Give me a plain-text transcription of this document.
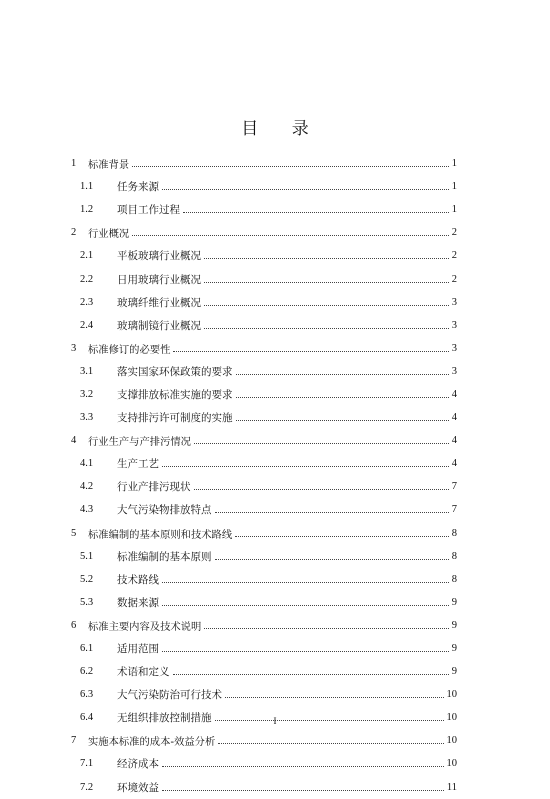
目 录
1	标准背景	1
1.1	任务来源	1
1.2	项目工作过程	1
2	行业概况	2
2.1	平板玻璃行业概况	2
2.2	日用玻璃行业概况	2
2.3	玻璃纤维行业概况	3
2.4	玻璃制镜行业概况	3
3	标准修订的必要性	3
3.1	落实国家环保政策的要求	3
3.2	支撑排放标准实施的要求	4
3.3	支持排污许可制度的实施	4
4	行业生产与产排污情况	4
4.1	生产工艺	4
4.2	行业产排污现状	7
4.3	大气污染物排放特点	7
5	标准编制的基本原则和技术路线	8
5.1	标准编制的基本原则	8
5.2	技术路线	8
5.3	数据来源	9
6	标准主要内容及技术说明	9
6.1	适用范围	9
6.2	术语和定义	9
6.3	大气污染防治可行技术	10
6.4	无组织排放控制措施	10
7	实施本标准的成本-效益分析	10
7.1	经济成本	10
7.2	环境效益	11
I
